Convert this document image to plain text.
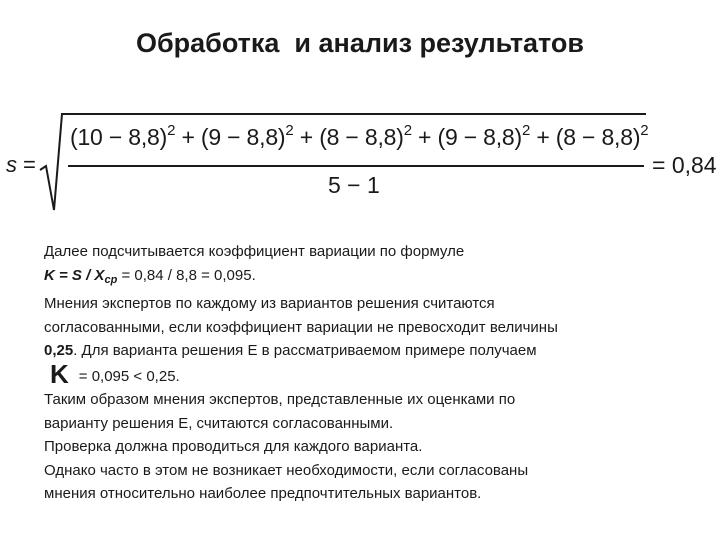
Обработка  и анализ результатов
s =
$(10 - 8,8)^2 + (9 - 8,8)^2 + (8 - 8,8)^2 + (9 - 8,8)^2 + (8 - 8,8)^2$
5 − 1
= 0,84
Далее подсчитывается коэффициент вариации по формуле
$K = S / X_{ср} = 0,84 / 8,8 = 0,095$.
Мнения экспертов по каждому из вариантов решения считаются
согласованными, если коэффициент вариации не превосходит величины
0,25. Для варианта решения Е в рассматриваемом примере получаем
K = 0,095 < 0,25.
Таким образом мнения экспертов, представленные их оценками по
варианту решения Е, считаются согласованными.
Проверка должна проводиться для каждого варианта.
Однако часто в этом не возникает необходимости, если согласованы
мнения относительно наиболее предпочтительных вариантов.
